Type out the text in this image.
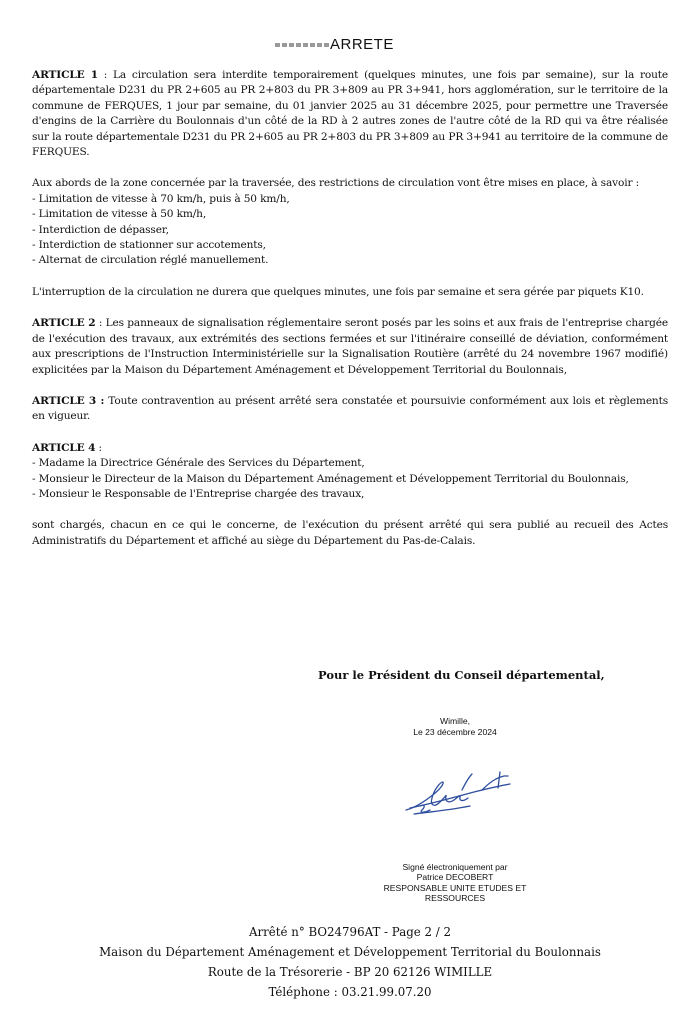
ARRETE

ARTICLE 1 : La circulation sera interdite temporairement (quelques minutes, une fois par semaine), sur la route départementale D231 du PR 2+605 au PR 2+803 du PR 3+809 au PR 3+941, hors agglomération, sur le territoire de la commune de FERQUES, 1 jour par semaine, du 01 janvier 2025 au 31 décembre 2025, pour permettre une Traversée d'engins de la Carrière du Boulonnais d'un côté de la RD à 2 autres zones de l'autre côté de la RD qui va être réalisée sur la route départementale D231 du PR 2+605 au PR 2+803 du PR 3+809 au PR 3+941 au territoire de la commune de FERQUES.

Aux abords de la zone concernée par la traversée, des restrictions de circulation vont être mises en place, à savoir :

- Limitation de vitesse à 70 km/h, puis à 50 km/h,
- Limitation de vitesse à 50 km/h,
- Interdiction de dépasser,
- Interdiction de stationner sur accotements,
- Alternat de circulation réglé manuellement.

L'interruption de la circulation ne durera que quelques minutes, une fois par semaine et sera gérée par piquets K10.

ARTICLE 2 : Les panneaux de signalisation réglementaire seront posés par les soins et aux frais de l'entreprise chargée de l'exécution des travaux, aux extrémités des sections fermées et sur l'itinéraire conseillé de déviation, conformément aux prescriptions de l'Instruction Interministérielle sur la Signalisation Routière (arrêté du 24 novembre 1967 modifié) explicitées par la Maison du Département Aménagement et Développement Territorial du Boulonnais,

ARTICLE 3 : Toute contravention au présent arrêté sera constatée et poursuivie conformément aux lois et règlements en vigueur.

ARTICLE 4 :

- Madame la Directrice Générale des Services du Département,
- Monsieur le Directeur de la Maison du Département Aménagement et Développement Territorial du Boulonnais,
- Monsieur le Responsable de l'Entreprise chargée des travaux,

sont chargés, chacun en ce qui le concerne, de l'exécution du présent arrêté qui sera publié au recueil des Actes Administratifs du Département et affiché au siège du Département du Pas-de-Calais.

Pour le Président du Conseil départemental,
Wimille,
Le 23 décembre 2024
Signé électroniquement par
Patrice DECOBERT
RESPONSABLE UNITE ETUDES ET
RESSOURCES
Arrêté n° BO24796AT - Page 2 / 2
Maison du Département Aménagement et Développement Territorial du Boulonnais
Route de la Trésorerie - BP 20 62126 WIMILLE
Téléphone : 03.21.99.07.20
